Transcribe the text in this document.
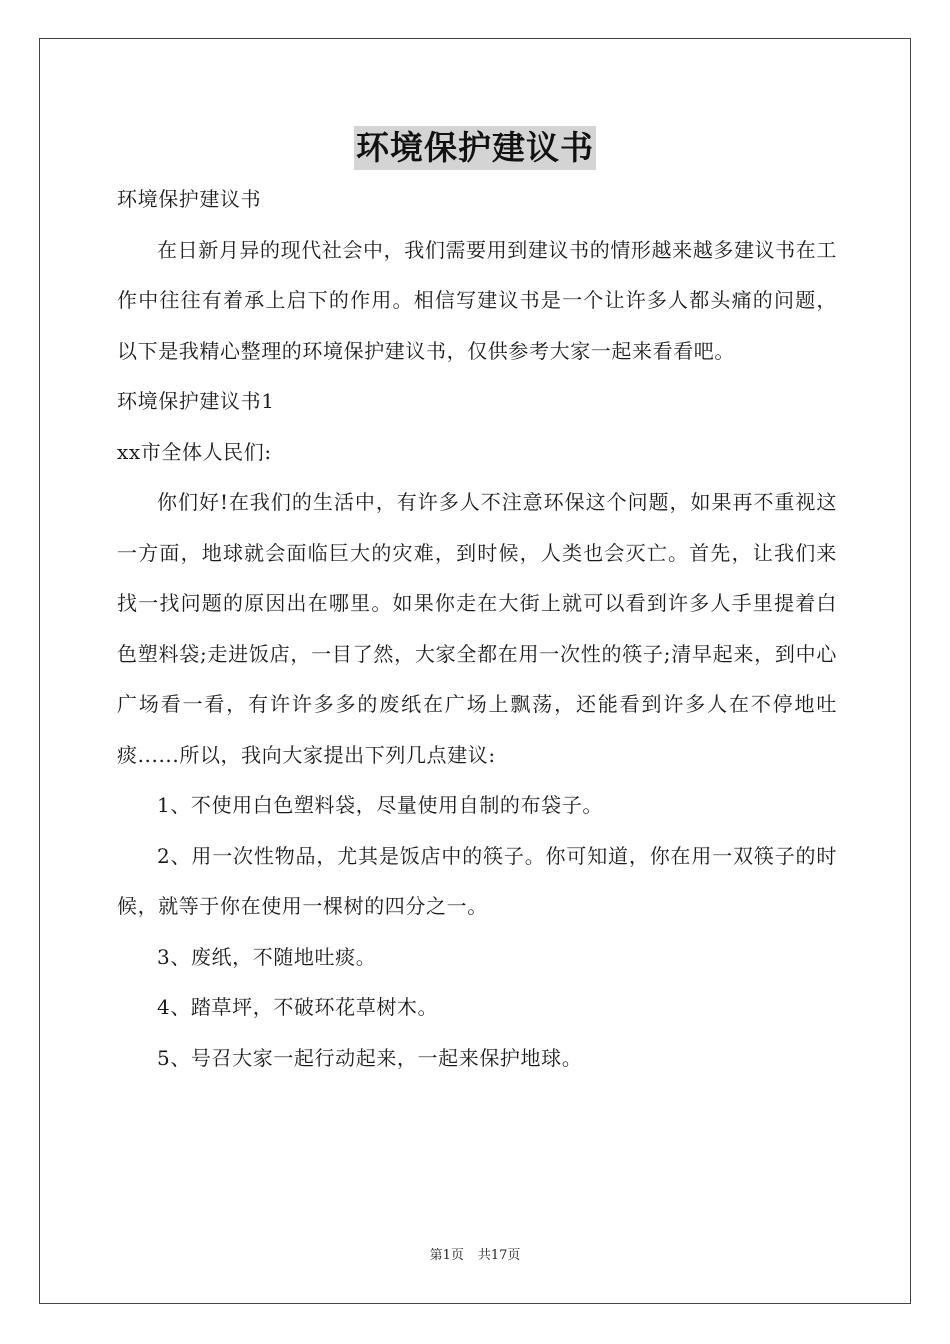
环境保护建议书

环境保护建议书

在日新月异的现代社会中，我们需要用到建议书的情形越来越多建议书在工作中往往有着承上启下的作用。相信写建议书是一个让许多人都头痛的问题，以下是我精心整理的环境保护建议书，仅供参考大家一起来看看吧。

环境保护建议书1

xx市全体人民们:

你们好!在我们的生活中，有许多人不注意环保这个问题，如果再不重视这一方面，地球就会面临巨大的灾难，到时候，人类也会灭亡。首先，让我们来找一找问题的原因出在哪里。如果你走在大街上就可以看到许多人手里提着白色塑料袋;走进饭店，一目了然，大家全都在用一次性的筷子;清早起来，到中心广场看一看，有许许多多的废纸在广场上飘荡，还能看到许多人在不停地吐痰......所以，我向大家提出下列几点建议:

1、不使用白色塑料袋，尽量使用自制的布袋子。

2、用一次性物品，尤其是饭店中的筷子。你可知道，你在用一双筷子的时候，就等于你在使用一棵树的四分之一。

3、废纸，不随地吐痰。

4、踏草坪，不破环花草树木。

5、号召大家一起行动起来，一起来保护地球。

第1页 共17页
